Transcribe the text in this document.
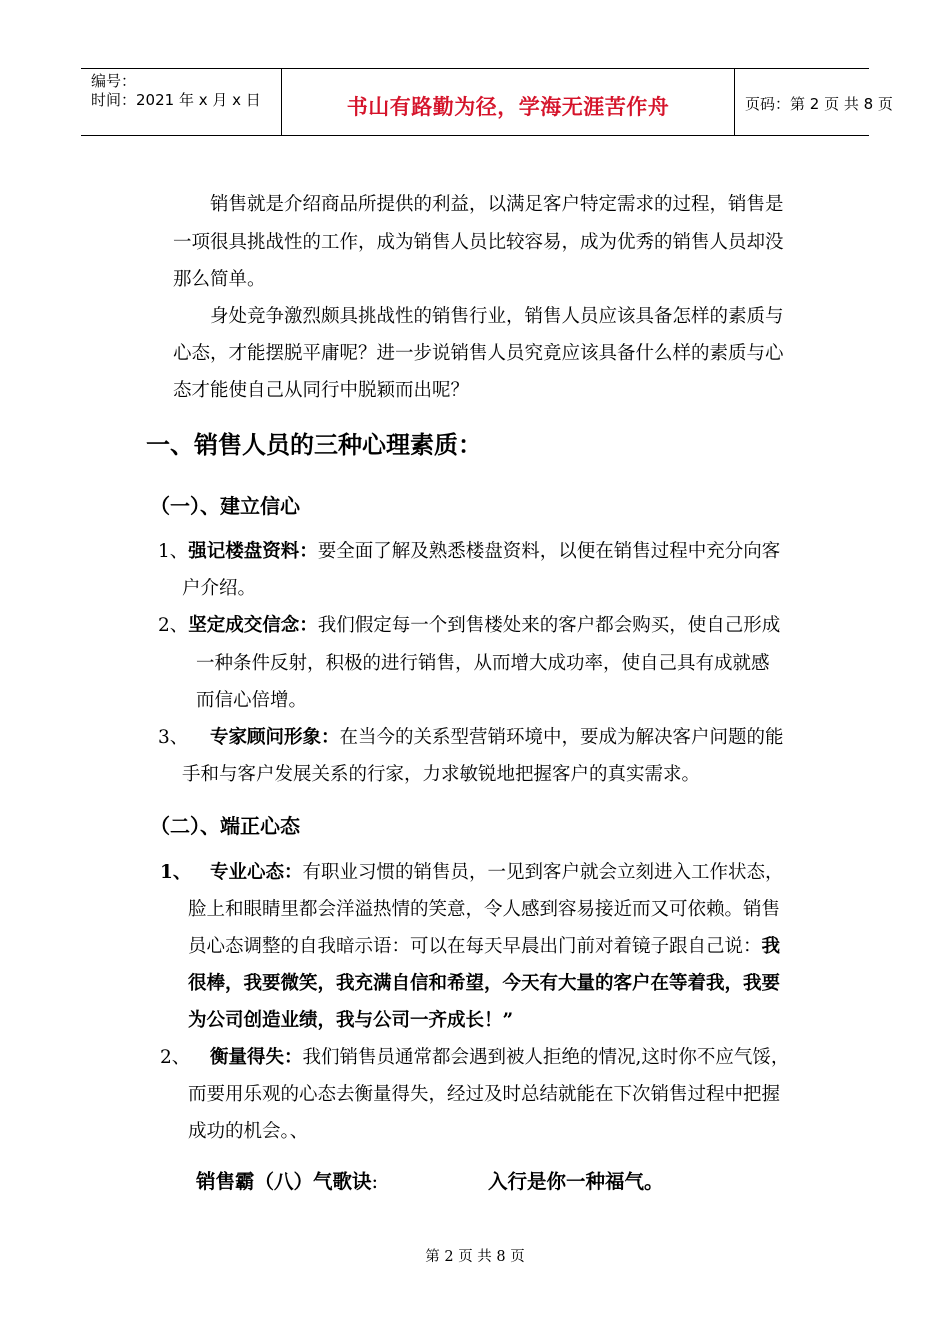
编号：
时间：2021 年 x 月 x 日	书山有路勤为径，学海无涯苦作舟	页码：第 2 页 共 8 页
销售就是介绍商品所提供的利益，以满足客户特定需求的过程，销售是
一项很具挑战性的工作，成为销售人员比较容易，成为优秀的销售人员却没
那么简单。
身处竞争激烈颇具挑战性的销售行业，销售人员应该具备怎样的素质与
心态，才能摆脱平庸呢？进一步说销售人员究竟应该具备什么样的素质与心
态才能使自己从同行中脱颖而出呢？
一、销售人员的三种心理素质：
（一）、建立信心
1、强记楼盘资料：要全面了解及熟悉楼盘资料，以便在销售过程中充分向客
户介绍。
2、坚定成交信念：我们假定每一个到售楼处来的客户都会购买，使自己形成
一种条件反射，积极的进行销售，从而增大成功率，使自己具有成就感
而信心倍增。
3、 专家顾问形象：在当今的关系型营销环境中，要成为解决客户问题的能
手和与客户发展关系的行家，力求敏锐地把握客户的真实需求。
（二）、端正心态
1、 专业心态：有职业习惯的销售员，一见到客户就会立刻进入工作状态，
脸上和眼睛里都会洋溢热情的笑意，令人感到容易接近而又可依赖。销售
员心态调整的自我暗示语：可以在每天早晨出门前对着镜子跟自己说：我
很棒，我要微笑，我充满自信和希望，今天有大量的客户在等着我，我要
为公司创造业绩，我与公司一齐成长！”
2、 衡量得失：我们销售员通常都会遇到被人拒绝的情况,这时你不应气馁，
而要用乐观的心态去衡量得失，经过及时总结就能在下次销售过程中把握
成功的机会。、
销售霸（八）气歌诀:	入行是你一种福气。
第 2 页 共 8 页
